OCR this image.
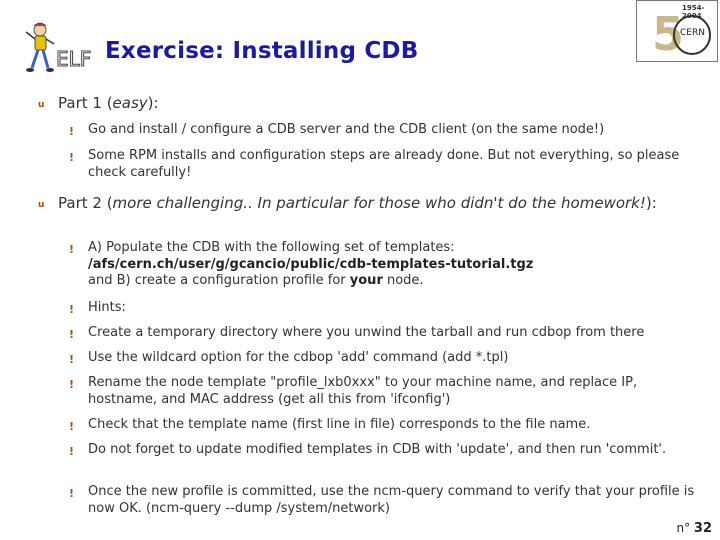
ELF	5
1954-2004
CERN
Exercise: Installing CDB
u Part 1 (easy):
! Go and install / configure a CDB server and the CDB client (on the same node!)
! Some RPM installs and configuration steps are already done. But not everything, so please check carefully!
u Part 2 (more challenging.. In particular for those who didn't do the homework!):
! A) Populate the CDB with the following set of templates:
/afs/cern.ch/user/g/gcancio/public/cdb-templates-tutorial.tgz
and B) create a configuration profile for your node.
! Hints:
! Create a temporary directory where you unwind the tarball and run cdbop from there
! Use the wildcard option for the cdbop 'add' command (add *.tpl)
! Rename the node template "profile_lxb0xxx" to your machine name, and replace IP, hostname, and MAC address (get all this from 'ifconfig')
! Check that the template name (first line in file) corresponds to the file name.
! Do not forget to update modified templates in CDB with 'update', and then run 'commit'.
! Once the new profile is committed, use the ncm-query command to verify that your profile is now OK. (ncm-query --dump /system/network)
n° 32
